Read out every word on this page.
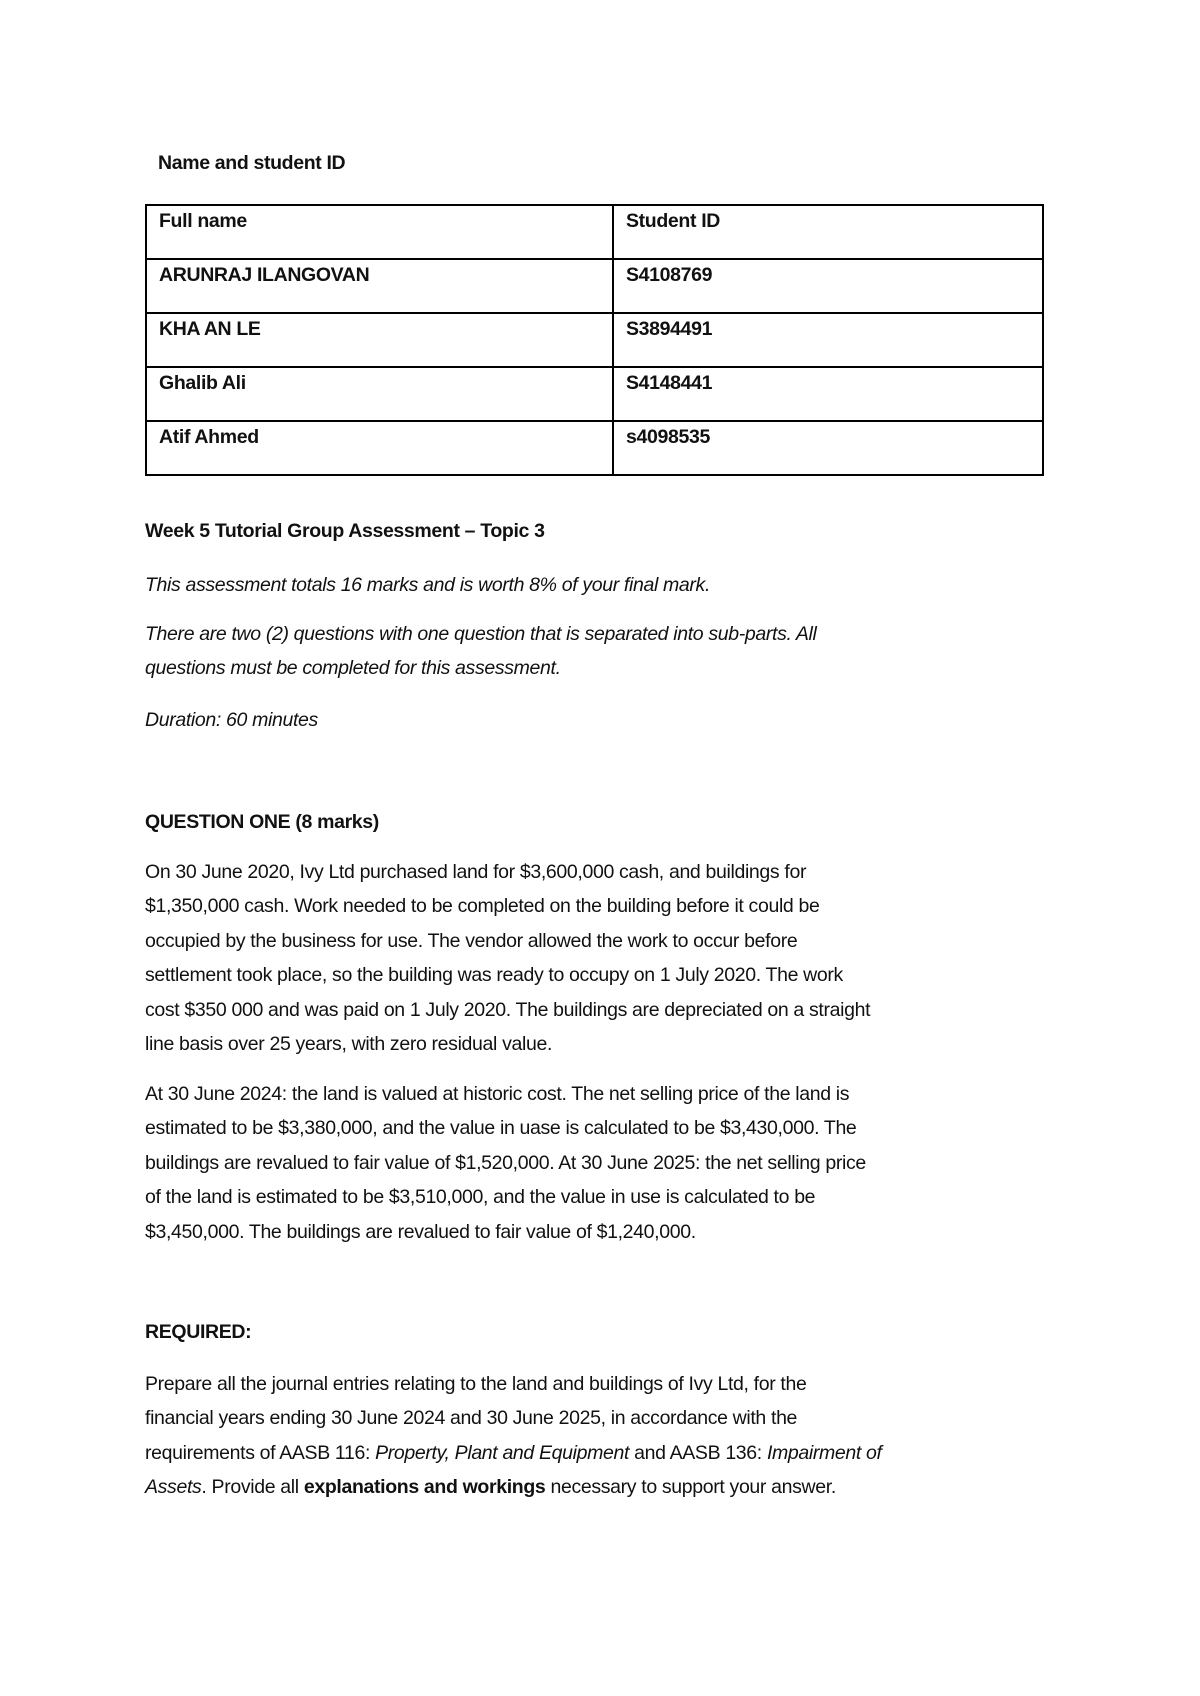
Name and student ID
Full name	Student ID
ARUNRAJ ILANGOVAN	S4108769
KHA AN LE	S3894491
Ghalib Ali	S4148441
Atif Ahmed	s4098535
Week 5 Tutorial Group Assessment – Topic 3
This assessment totals 16 marks and is worth 8% of your final mark.
There are two (2) questions with one question that is separated into sub-parts. All
questions must be completed for this assessment.
Duration: 60 minutes
QUESTION ONE (8 marks)
On 30 June 2020, Ivy Ltd purchased land for $3,600,000 cash, and buildings for
$1,350,000 cash. Work needed to be completed on the building before it could be
occupied by the business for use. The vendor allowed the work to occur before
settlement took place, so the building was ready to occupy on 1 July 2020. The work
cost $350 000 and was paid on 1 July 2020. The buildings are depreciated on a straight
line basis over 25 years, with zero residual value.
At 30 June 2024: the land is valued at historic cost. The net selling price of the land is
estimated to be $3,380,000, and the value in uase is calculated to be $3,430,000. The
buildings are revalued to fair value of $1,520,000. At 30 June 2025: the net selling price
of the land is estimated to be $3,510,000, and the value in use is calculated to be
$3,450,000. The buildings are revalued to fair value of $1,240,000.
REQUIRED:
Prepare all the journal entries relating to the land and buildings of Ivy Ltd, for the
financial years ending 30 June 2024 and 30 June 2025, in accordance with the
requirements of AASB 116: Property, Plant and Equipment and AASB 136: Impairment of
Assets. Provide all explanations and workings necessary to support your answer.
